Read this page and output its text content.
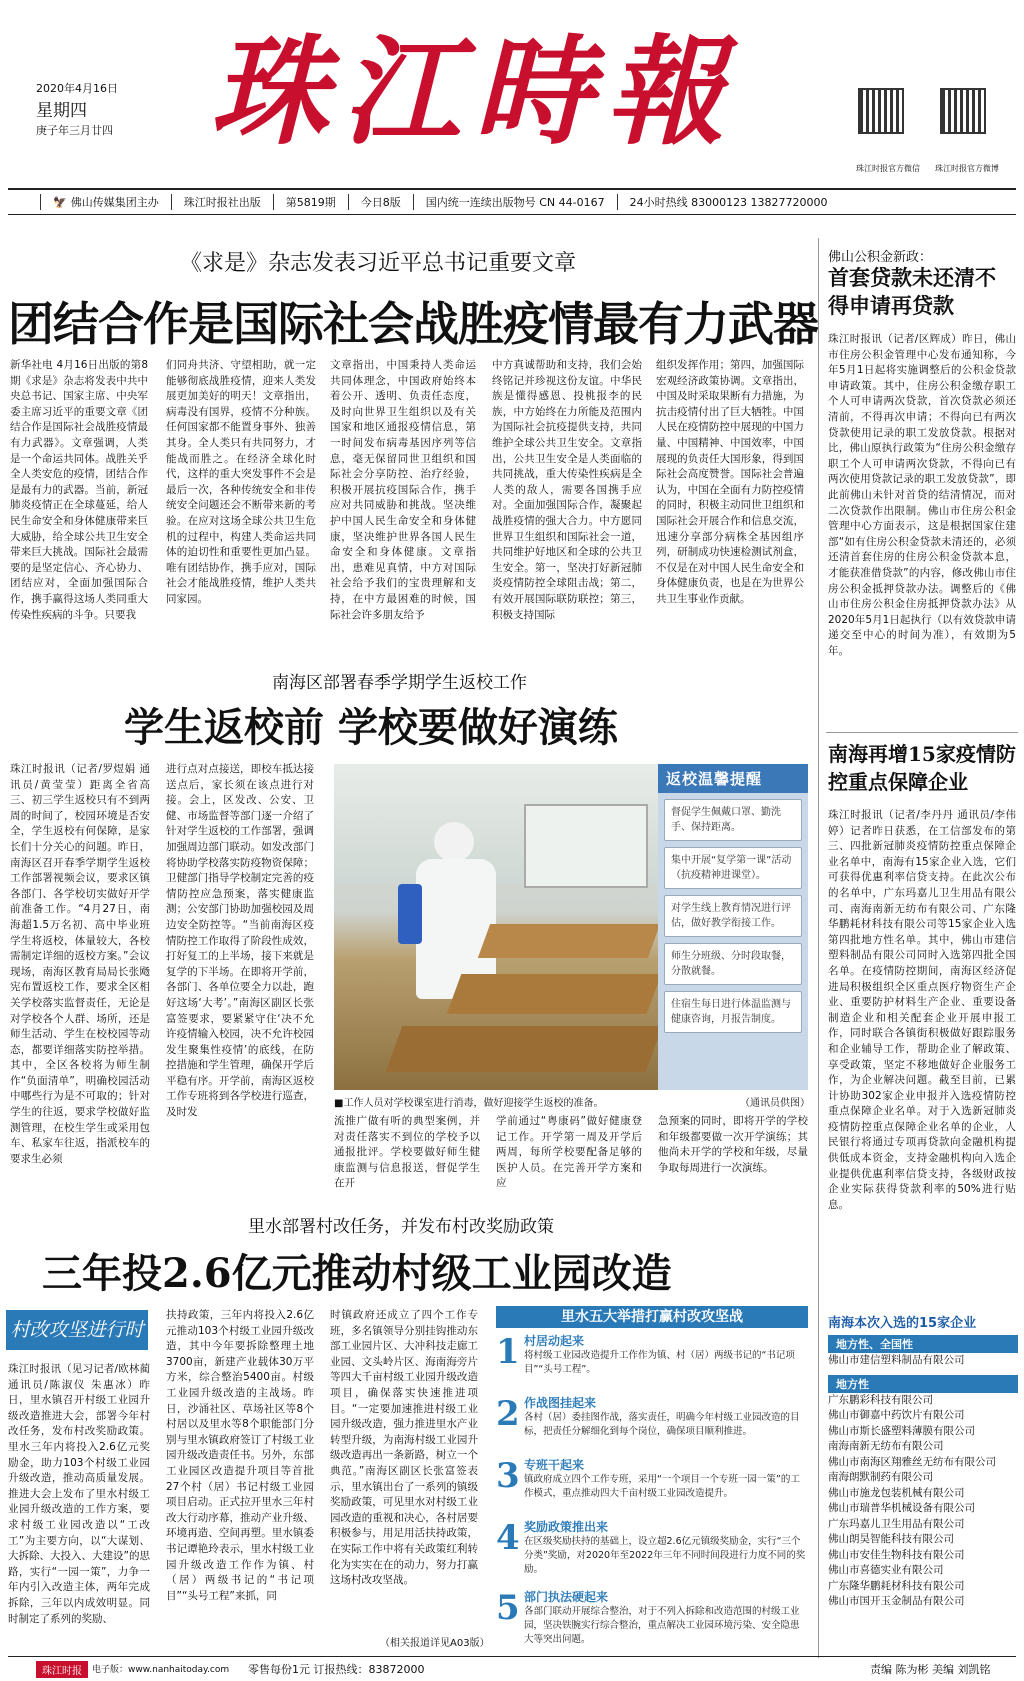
2020年4月16日
星期四
庚子年三月廿四 珠江時報
珠江时报官方微信 珠江时报官方微博
🦅 佛山传媒集团主办 珠江时报社出版 第5819期 今日8版 国内统一连续出版物号 CN 44-0167 24小时热线 83000123 13827720000
《求是》杂志发表习近平总书记重要文章
团结合作是国际社会战胜疫情最有力武器
新华社电 4月16日出版的第8期《求是》杂志将发表中共中央总书记、国家主席、中央军委主席习近平的重要文章《团结合作是国际社会战胜疫情最有力武器》。文章强调，人类是一个命运共同体。战胜关乎全人类安危的疫情，团结合作是最有力的武器。当前，新冠肺炎疫情正在全球蔓延，给人民生命安全和身体健康带来巨大威胁，给全球公共卫生安全带来巨大挑战。国际社会最需要的是坚定信心、齐心协力、团结应对，全面加强国际合作，携手赢得这场人类同重大传染性疾病的斗争。只要我
们同舟共济、守望相助，就一定能够彻底战胜疫情，迎来人类发展更加美好的明天！文章指出，病毒没有国界，疫情不分种族。任何国家都不能置身事外、独善其身。全人类只有共同努力，才能战而胜之。在经济全球化时代，这样的重大突发事件不会是最后一次，各种传统安全和非传统安全问题还会不断带来新的考验。在应对这场全球公共卫生危机的过程中，构建人类命运共同体的迫切性和重要性更加凸显。唯有团结协作，携手应对，国际社会才能战胜疫情，维护人类共同家园。
文章指出，中国秉持人类命运共同体理念，中国政府始终本着公开、透明、负责任态度，及时向世界卫生组织以及有关国家和地区通报疫情信息，第一时间发布病毒基因序列等信息，毫无保留同世卫组织和国际社会分享防控、治疗经验，积极开展抗疫国际合作，携手应对共同威胁和挑战。坚决维护中国人民生命安全和身体健康，坚决维护世界各国人民生命安全和身体健康。文章指出，患难见真情，中方对国际社会给予我们的宝贵理解和支持，在中方最困难的时候，国际社会许多朋友给予
中方真诚帮助和支持，我们会始终铭记并珍视这份友谊。中华民族是懂得感恩、投桃报李的民族，中方始终在力所能及范围内为国际社会抗疫提供支持，共同维护全球公共卫生安全。文章指出，公共卫生安全是人类面临的共同挑战，重大传染性疾病是全人类的敌人，需要各国携手应对。全面加强国际合作，凝聚起战胜疫情的强大合力。中方愿同世界卫生组织和国际社会一道，共同维护好地区和全球的公共卫生安全。第一，坚决打好新冠肺炎疫情防控全球阻击战；第二，有效开展国际联防联控；第三，积极支持国际
组织发挥作用；第四，加强国际宏观经济政策协调。文章指出，中国及时采取果断有力措施，为抗击疫情付出了巨大牺牲。中国人民在疫情防控中展现的中国力量、中国精神、中国效率，中国展现的负责任大国形象，得到国际社会高度赞誉。国际社会普遍认为，中国在全面有力防控疫情的同时，积极主动同世卫组织和国际社会开展合作和信息交流，迅速分享部分病株全基因组序列，研制成功快速检测试剂盒，不仅是在对中国人民生命安全和身体健康负责，也是在为世界公共卫生事业作贡献。
南海区部署春季学期学生返校工作
学生返校前 学校要做好演练
珠江时报讯（记者/罗煜娟 通讯员/黄莹莹）距离全省高三、初三学生返校只有不到两周的时间了，校园环境是否安全，学生返校有何保障，是家长们十分关心的问题。昨日，南海区召开春季学期学生返校工作部署视频会议，要求区镇各部门、各学校切实做好开学前准备工作。“4月27日，南海超1.5万名初、高中毕业班学生将返校，体量较大，各校需制定详细的返校方案。”会议现场，南海区教育局局长张飏宪布置返校工作，要求全区相关学校落实监督责任，无论是对学校各个人群、场所，还是师生活动、学生在校校园等动态，都要详细落实防控举措。其中，全区各校将为师生制作“负面清单”，明确校园活动中哪些行为是不可取的；针对学生的往返，要求学校做好监测管理，在校生学生或采用包车、私家车往返，指派校车的要求生必须
进行点对点接送，即校车抵达接送点后，家长须在该点进行对接。会上，区发改、公安、卫健、市场监督等部门逐一介绍了针对学生返校的工作部署，强调加强周边部门联动。如发改部门将协助学校落实防疫物资保障；卫健部门指导学校制定完善的疫情防控应急预案，落实健康监测；公安部门协助加强校园及周边安全防控等。“当前南海区疫情防控工作取得了阶段性成效，打好复工的上半场，接下来就是复学的下半场。在即将开学前，各部门、各单位要全力以赴，跑好这场‘大考’。”南海区副区长张富签要求，要紧紧守住‘决不允许疫情输入校园，决不允许校园发生聚集性疫情’的底线，在防控措施和学生管理，确保开学后平稳有序。开学前，南海区返校工作专班将到各学校进行巡查，及时发
返校温馨提醒
督促学生佩戴口罩、勤洗手、保持距离。
集中开展“复学第一课”活动（抗疫精神进课堂）。
对学生线上教育情况进行评估，做好教学衔接工作。
师生分班级、分时段取餐，分散就餐。
住宿生每日进行体温监测与健康咨询，月报告制度。
■工作人员对学校课室进行消毒，做好迎接学生返校的准备。	（通讯员供图）
流推广做有听的典型案例，并对责任落实不到位的学校予以通报批评。学校要做好师生健康监测与信息报送，督促学生在开
学前通过“粤康码”做好健康登记工作。开学第一周及开学后两周，每所学校要配备足够的医护人员。在完善开学方案和应
急预案的同时，即将开学的学校和年级都要做一次开学演练；其他尚未开学的学校和年级，尽量争取每周进行一次演练。
里水部署村改任务，并发布村改奖励政策
三年投2.6亿元推动村级工业园改造
村改攻坚进行时
珠江时报讯（见习记者/欧林蔺 通讯员/陈淑仪 朱惠冰）昨日，里水镇召开村级工业园升级改造推进大会，部署今年村改任务，发布村改奖励政策。里水三年内将投入2.6亿元奖励金，助力103个村级工业园升级改造，推动高质量发展。推进大会上发布了里水村级工业园升级改造的工作方案，要求村级工业园改造以“工改工”为主要方向，以“大谋划、大拆除、大投入、大建设”的思路，实行“一园一策”，力争一年内引入改造主体，两年完成拆除，三年以内成效明显。同时制定了系列的奖励、
扶持政策，三年内将投入2.6亿元推动103个村级工业园升级改造，其中今年要拆除整理土地3700亩，新建产业载体30万平方米，综合整治5400亩。村级工业园升级改造的主战场。昨日，沙涌社区、草场社区等8个村居以及里水等8个职能部门分别与里水镇政府签订了村级工业园升级改造责任书。另外，东部工业园区改造提升项目等首批27个村（居）书记村级工业园项目启动。正式拉开里水三年村改大行动序幕，推动产业升级、环境再造、空间再塑。里水镇委书记谭艳玲表示，里水村级工业园升级改造工作作为镇、村（居）两级书记的“书记项目”“头号工程”来抓，同
时镇政府还成立了四个工作专班，多名镇领导分别挂钩推动东部工业园片区、大冲科技走廊工业园、文头岭片区、海南海旁片等四大千亩村级工业园升级改造项目，确保落实快速推进项目。“一定要加速推进村级工业园升级改造，强力推进里水产业转型升级，为南海村级工业园升级改造再出一条新路，树立一个典范。”南海区副区长张富签表示，里水镇出台了一系列的镇级奖励政策，可见里水对村级工业园改造的重视和决心，各村居要积极参与，用足用活扶持政策，在实际工作中将有关政策红利转化为实实在在的动力，努力打赢这场村改攻坚战。
（相关报道详见A03版）
里水五大举措打赢村改攻坚战
1 村居动起来
将村级工业园改造提升工作作为镇、村（居）两级书记的“书记项目”“头号工程”。
2 作战图挂起来
各村（居）委挂图作战，落实责任，明确今年村级工业园改造的目标，把责任分解细化到每个岗位，确保项目顺利推进。
3 专班干起来
镇政府成立四个工作专班，采用“一个项目一个专班一园一策”的工作模式，重点推动四大千亩村级工业园改造提升。
4 奖励政策推出来
在区级奖励扶持的基础上，设立超2.6亿元镇级奖励金，实行“三个分类”奖励，对2020年至2022年三年不同时间段进行力度不同的奖励。
5 部门执法硬起来
各部门联动开展综合整治，对于不列入拆除和改造范围的村级工业园，坚决铁腕实行综合整治，重点解决工业园环境污染、安全隐患大等突出问题。
佛山公积金新政：
首套贷款未还清不得申请再贷款
珠江时报讯（记者/区辉成）昨日，佛山市住房公积金管理中心发布通知称，今年5月1日起将实施调整后的公积金贷款申请政策。其中，住房公积金缴存职工个人可申请两次贷款，首次贷款必须还清前，不得再次申请；不得向已有两次贷款使用记录的职工发放贷款。根据对比，佛山原执行政策为“住房公积金缴存职工个人可申请两次贷款，不得向已有两次使用贷款记录的职工发放贷款”，即此前佛山未针对首贷的结清情况，而对二次贷款作出限制。佛山市住房公积金管理中心方面表示，这是根据国家住建部“如有住房公积金贷款未清还的，必须还清首套住房的住房公积金贷款本息，才能获准借贷款”的内容，修改佛山市住房公积金抵押贷款办法。调整后的《佛山市住房公积金住房抵押贷款办法》从2020年5月1日起执行（以有效贷款申请递交至中心的时间为准），有效期为5年。
南海再增15家疫情防控重点保障企业
珠江时报讯（记者/李丹丹 通讯员/李伟婷）记者昨日获悉，在工信部发布的第三、四批新冠肺炎疫情防控重点保障企业名单中，南海有15家企业入选，它们可获得优惠利率信贷支持。在此次公布的名单中，广东玛嘉儿卫生用品有限公司、南海南新无纺布有限公司、广东隆华鹏耗材科技有限公司等15家企业入选第四批地方性名单。其中，佛山市建信塑料制品有限公司同时入选第四批全国名单。在疫情防控期间，南海区经济促进局积极组织全区重点医疗物资生产企业、重要防护材料生产企业、重要设备制造企业和相关配套企业开展申报工作，同时联合各镇街积极做好跟踪服务和企业辅导工作，帮助企业了解政策、享受政策，坚定不移地做好企业服务工作，为企业解决问题。截至目前，已累计协助302家企业申报并入选疫情防控重点保障企业名单。对于入选新冠肺炎疫情防控重点保障企业名单的企业，人民银行将通过专项再贷款向金融机构提供低成本资金，支持金融机构向入选企业提供优惠利率信贷支持，各级财政按企业实际获得贷款利率的50%进行贴息。
南海本次入选的15家企业
地方性、全国性
佛山市建信塑料制品有限公司
地方性
广东鹏彩科技有限公司
佛山市御嘉中药饮片有限公司
佛山市斯长盛塑料薄膜有限公司
南海南新无纺布有限公司
佛山市南海区翔雅丝无纺布有限公司
南海朗默制药有限公司
佛山市施龙包装机械有限公司
佛山市瑞普华机械设备有限公司
广东玛嘉儿卫生用品有限公司
佛山朗昊智能科技有限公司
佛山市安佳生物科技有限公司
佛山市喜德实业有限公司
广东隆华鹏耗材科技有限公司
佛山市国开玉金制品有限公司
珠江时报	电子版：www.nanhaitoday.com 零售每份1元 订报热线：83872000	责编 陈为彬 美编 刘凯铭
